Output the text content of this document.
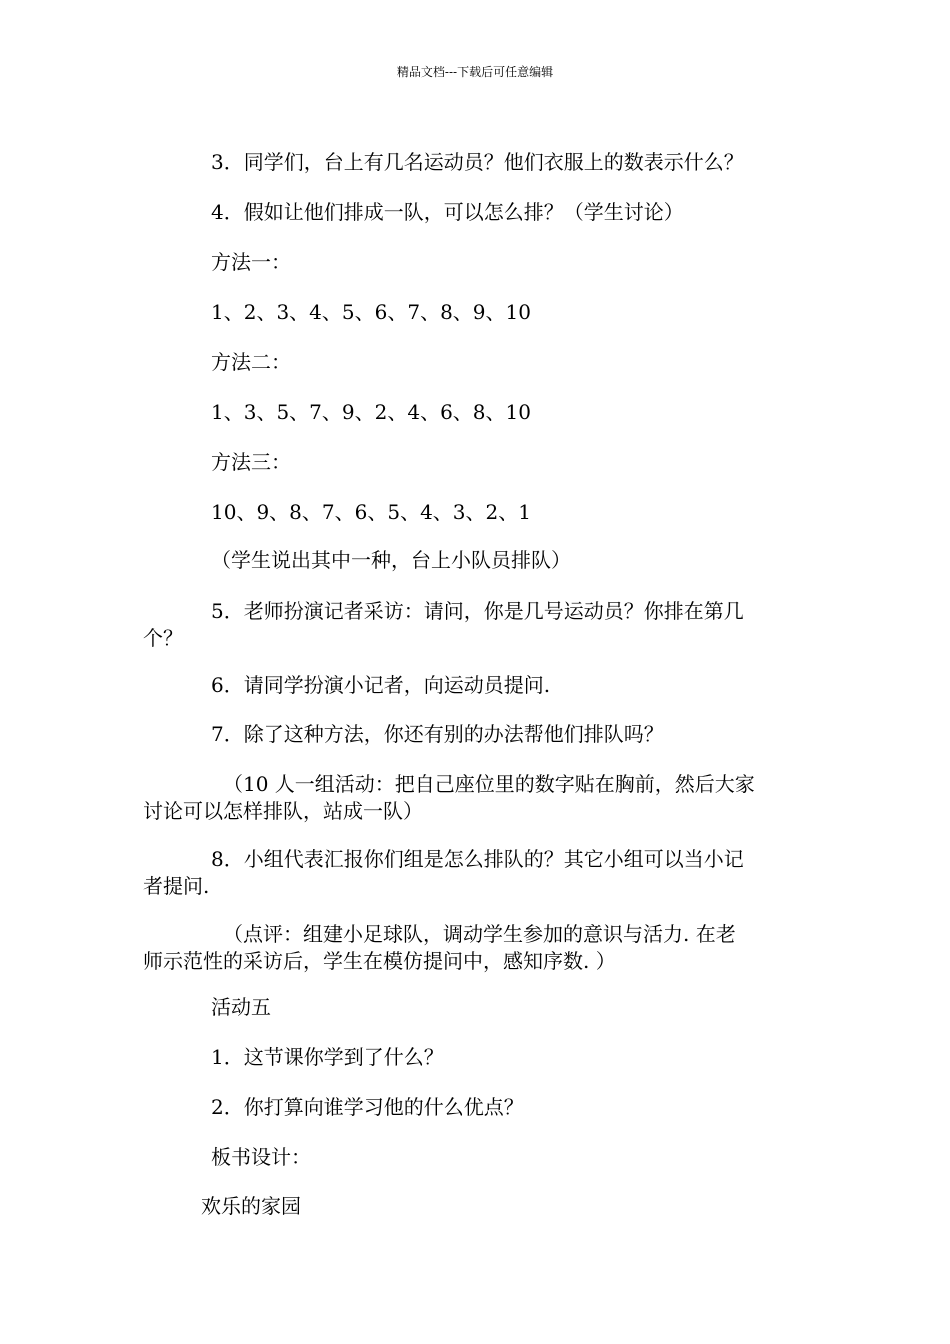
精品文档---下载后可任意编辑
3．同学们，台上有几名运动员？他们衣服上的数表示什么？
4．假如让他们排成一队，可以怎么排？（学生讨论）
方法一：
1、2、3、4、5、6、7、8、9、10
方法二：
1、3、5、7、9、2、4、6、8、10
方法三：
10、9、8、7、6、5、4、3、2、1
（学生说出其中一种，台上小队员排队）
5．老师扮演记者采访：请问，你是几号运动员？你排在第几
个？
6．请同学扮演小记者，向运动员提问.
7．除了这种方法，你还有别的办法帮他们排队吗？
（10 人一组活动：把自己座位里的数字贴在胸前，然后大家
讨论可以怎样排队，站成一队）
8．小组代表汇报你们组是怎么排队的？其它小组可以当小记
者提问.
（点评：组建小足球队，调动学生参加的意识与活力. 在老
师示范性的采访后，学生在模仿提问中，感知序数. ）
活动五
1．这节课你学到了什么？
2．你打算向谁学习他的什么优点？
板书设计：
欢乐的家园
